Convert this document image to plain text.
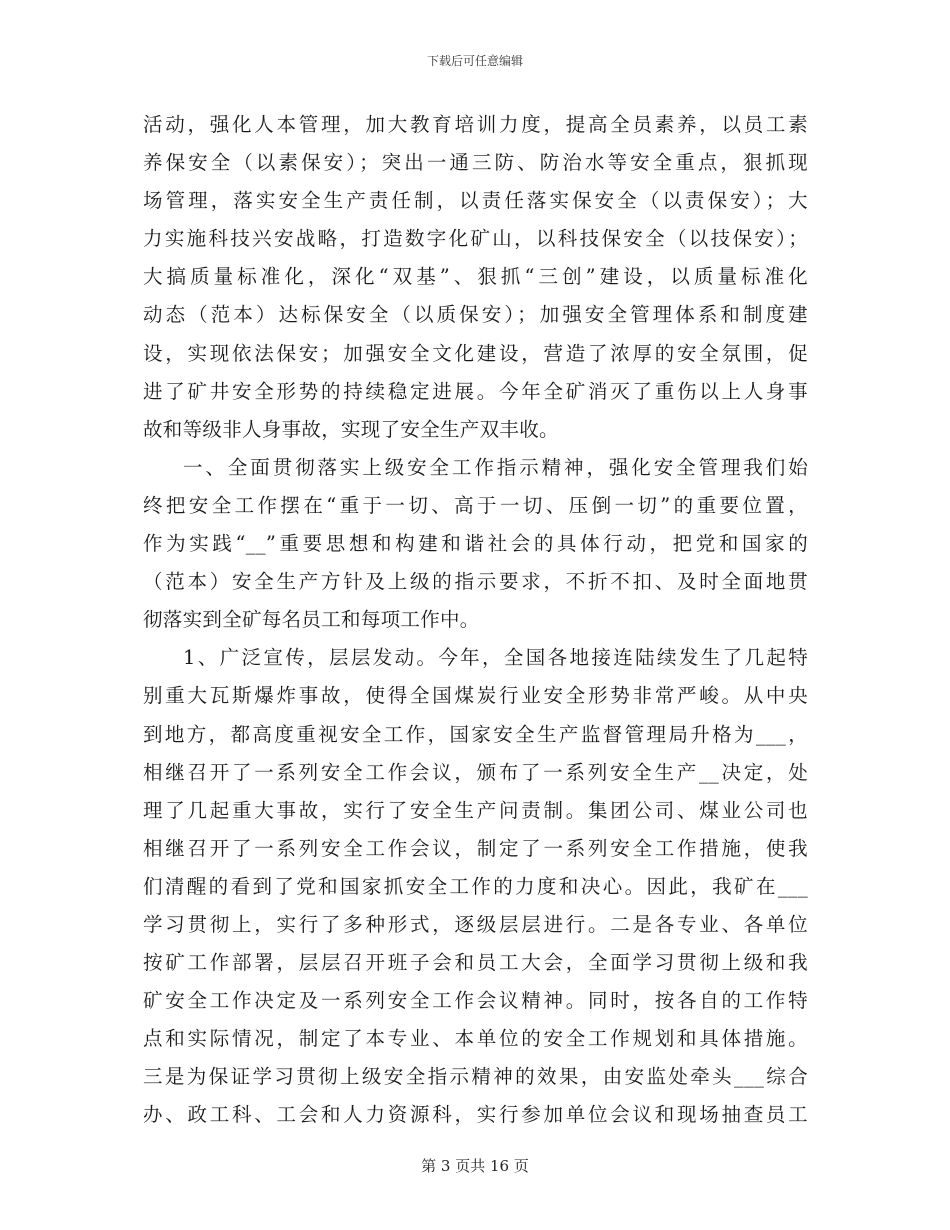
下载后可任意编辑
活动，强化人本管理，加大教育培训力度，提高全员素养，以员工素
养保安全（以素保安）；突出一通三防、防治水等安全重点，狠抓现
场管理，落实安全生产责任制，以责任落实保安全（以责保安）；大
力实施科技兴安战略，打造数字化矿山，以科技保安全（以技保安）；
大搞质量标准化，深化“双基”、狠抓“三创”建设，以质量标准化
动态（范本）达标保安全（以质保安）；加强安全管理体系和制度建
设，实现依法保安；加强安全文化建设，营造了浓厚的安全氛围，促
进了矿井安全形势的持续稳定进展。今年全矿消灭了重伤以上人身事
故和等级非人身事故，实现了安全生产双丰收。
一、全面贯彻落实上级安全工作指示精神，强化安全管理我们始
终把安全工作摆在“重于一切、高于一切、压倒一切”的重要位置，
作为实践“__”重要思想和构建和谐社会的具体行动，把党和国家的
（范本）安全生产方针及上级的指示要求，不折不扣、及时全面地贯
彻落实到全矿每名员工和每项工作中。
1、广泛宣传，层层发动。今年，全国各地接连陆续发生了几起特
别重大瓦斯爆炸事故，使得全国煤炭行业安全形势非常严峻。从中央
到地方，都高度重视安全工作，国家安全生产监督管理局升格为___，
相继召开了一系列安全工作会议，颁布了一系列安全生产__决定，处
理了几起重大事故，实行了安全生产问责制。集团公司、煤业公司也
相继召开了一系列安全工作会议，制定了一系列安全工作措施，使我
们清醒的看到了党和国家抓安全工作的力度和决心。因此，我矿在___
学习贯彻上，实行了多种形式，逐级层层进行。二是各专业、各单位
按矿工作部署，层层召开班子会和员工大会，全面学习贯彻上级和我
矿安全工作决定及一系列安全工作会议精神。同时，按各自的工作特
点和实际情况，制定了本专业、本单位的安全工作规划和具体措施。
三是为保证学习贯彻上级安全指示精神的效果，由安监处牵头___综合
办、政工科、工会和人力资源科，实行参加单位会议和现场抽查员工
第 3 页共 16 页
